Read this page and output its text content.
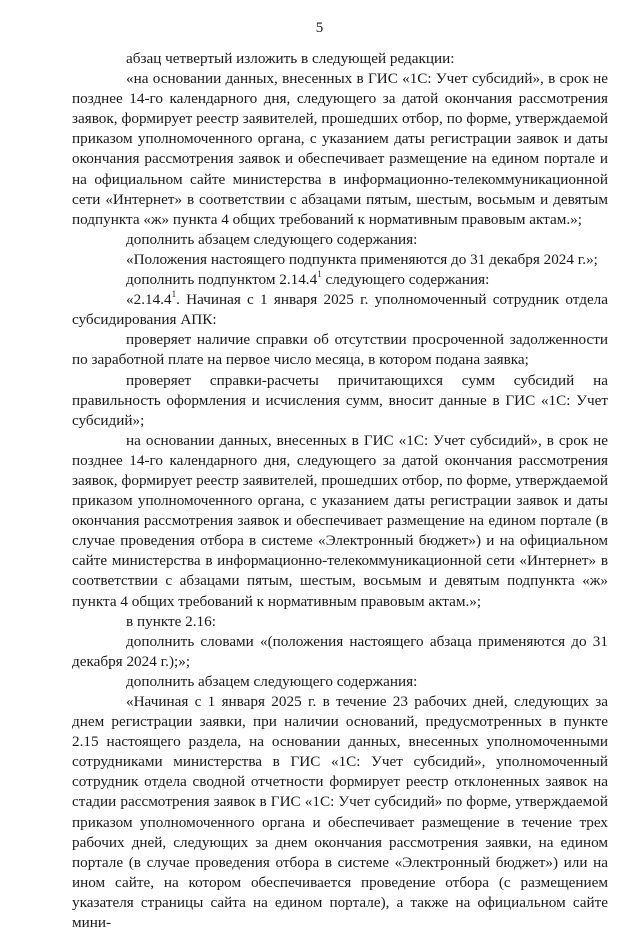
5

абзац четвертый изложить в следующей редакции:

«на основании данных, внесенных в ГИС «1С: Учет субсидий», в срок не позднее 14-го календарного дня, следующего за датой окончания рассмотрения заявок, формирует реестр заявителей, прошедших отбор, по форме, утверждаемой приказом уполномоченного органа, с указанием даты регистрации заявок и даты окончания рассмотрения заявок и обеспечивает размещение на едином портале и на официальном сайте министерства в информационно-телекоммуникационной сети «Интернет» в соответствии с абзацами пятым, шестым, восьмым и девятым подпункта «ж» пункта 4 общих требований к нормативным правовым актам.»;

дополнить абзацем следующего содержания:

«Положения настоящего подпункта применяются до 31 декабря 2024 г.»;

дополнить подпунктом 2.14.4$^1$ следующего содержания:

«2.14.4$^1$. Начиная с 1 января 2025 г. уполномоченный сотрудник отдела субсидирования АПК:

проверяет наличие справки об отсутствии просроченной задолженности по заработной плате на первое число месяца, в котором подана заявка;

проверяет справки-расчеты причитающихся сумм субсидий на правильность оформления и исчисления сумм, вносит данные в ГИС «1С: Учет субсидий»;

на основании данных, внесенных в ГИС «1С: Учет субсидий», в срок не позднее 14-го календарного дня, следующего за датой окончания рассмотрения заявок, формирует реестр заявителей, прошедших отбор, по форме, утверждаемой приказом уполномоченного органа, с указанием даты регистрации заявок и даты окончания рассмотрения заявок и обеспечивает размещение на едином портале (в случае проведения отбора в системе «Электронный бюджет») и на официальном сайте министерства в информационно-телекоммуникационной сети «Интернет» в соответствии с абзацами пятым, шестым, восьмым и девятым подпункта «ж» пункта 4 общих требований к нормативным правовым актам.»;

в пункте 2.16:

дополнить словами «(положения настоящего абзаца применяются до 31 декабря 2024 г.);»;

дополнить абзацем следующего содержания:

«Начиная с 1 января 2025 г. в течение 23 рабочих дней, следующих за днем регистрации заявки, при наличии оснований, предусмотренных в пункте 2.15 настоящего раздела, на основании данных, внесенных уполномоченными сотрудниками министерства в ГИС «1С: Учет субсидий», уполномоченный сотрудник отдела сводной отчетности формирует реестр отклоненных заявок на стадии рассмотрения заявок в ГИС «1С: Учет субсидий» по форме, утверждаемой приказом уполномоченного органа и обеспечивает размещение в течение трех рабочих дней, следующих за днем окончания рассмотрения заявки, на едином портале (в случае проведения отбора в системе «Электронный бюджет») или на ином сайте, на котором обеспечивается проведение отбора (с размещением указателя страницы сайта на едином портале), а также на официальном сайте мини-
